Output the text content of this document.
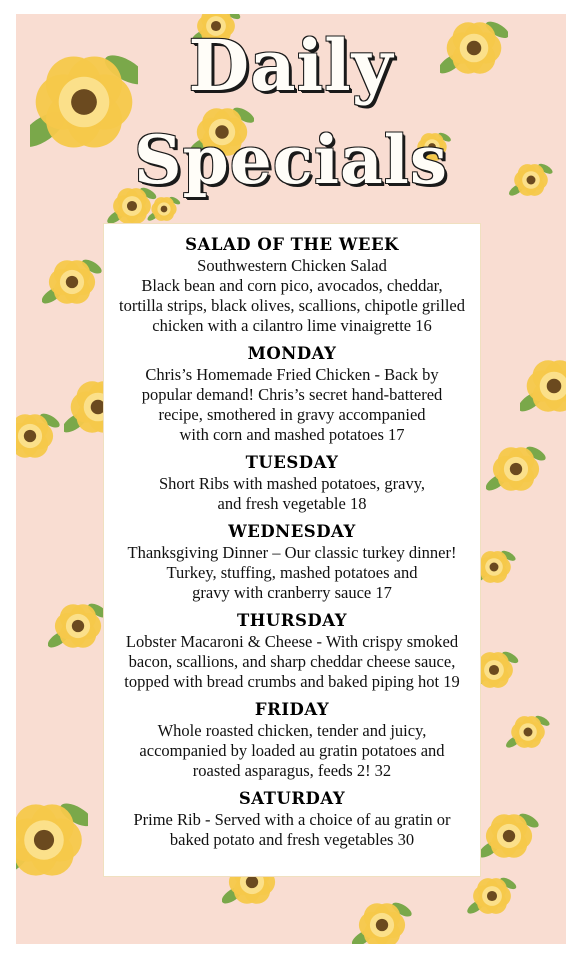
Daily
Specials
SALAD OF THE WEEK

Southwestern Chicken Salad

Black bean and corn pico, avocados, cheddar,

tortilla strips, black olives, scallions, chipotle grilled

chicken with a cilantro lime vinaigrette 16

MONDAY

Chris’s Homemade Fried Chicken - Back by

popular demand! Chris’s secret hand-battered

recipe, smothered in gravy accompanied

with corn and mashed potatoes 17

TUESDAY

Short Ribs with mashed potatoes, gravy,

and fresh vegetable 18

WEDNESDAY

Thanksgiving Dinner – Our classic turkey dinner!

Turkey, stuffing, mashed potatoes and

gravy with cranberry sauce 17

THURSDAY

Lobster Macaroni & Cheese - With crispy smoked

bacon, scallions, and sharp cheddar cheese sauce,

topped with bread crumbs and baked piping hot 19

FRIDAY

Whole roasted chicken, tender and juicy,

accompanied by loaded au gratin potatoes and

roasted asparagus, feeds 2! 32

SATURDAY

Prime Rib - Served with a choice of au gratin or

baked potato and fresh vegetables 30
